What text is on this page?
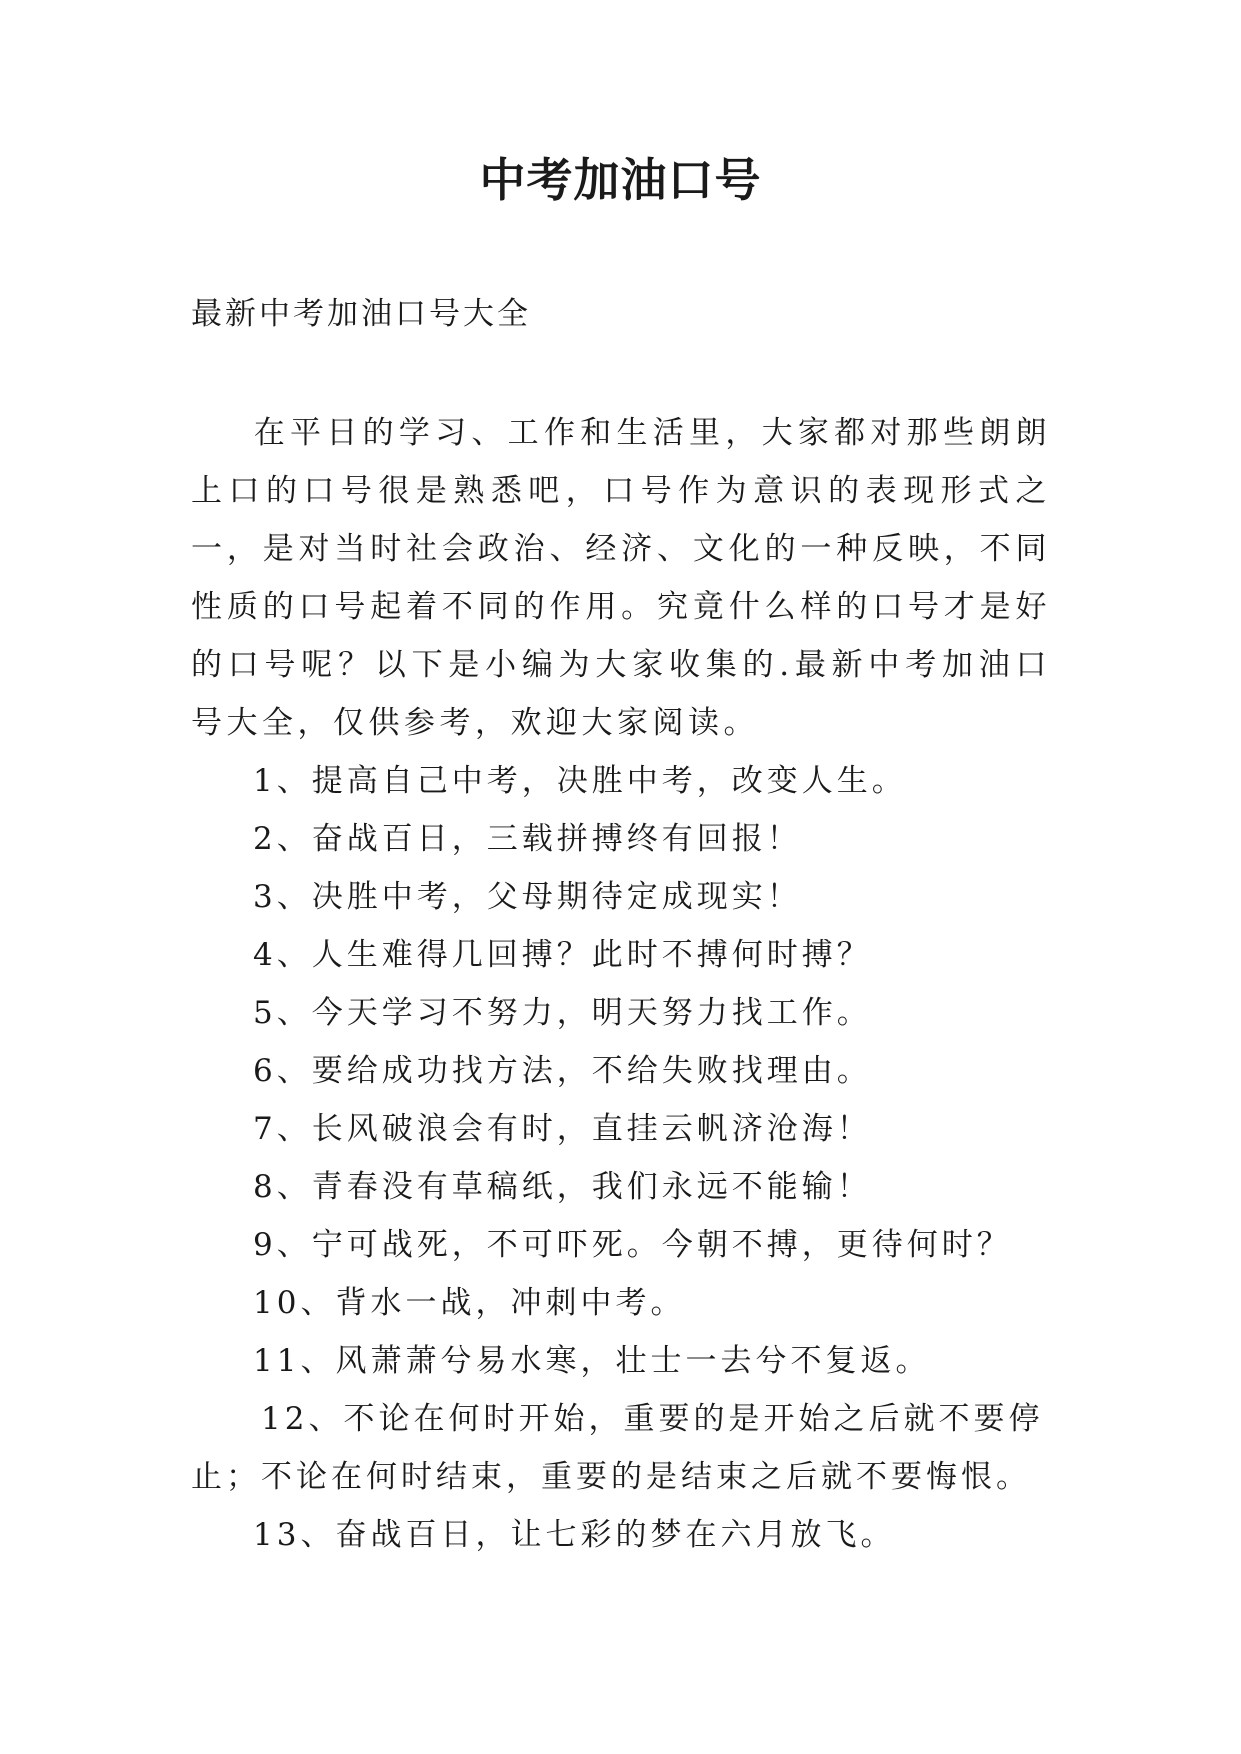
中考加油口号

最新中考加油口号大全

在平日的学习、工作和生活里，大家都对那些朗朗上口的口号很是熟悉吧，口号作为意识的表现形式之一，是对当时社会政治、经济、文化的一种反映，不同性质的口号起着不同的作用。究竟什么样的口号才是好的口号呢？以下是小编为大家收集的.最新中考加油口号大全，仅供参考，欢迎大家阅读。

1、提高自己中考，决胜中考，改变人生。
2、奋战百日，三载拼搏终有回报！
3、决胜中考，父母期待定成现实！
4、人生难得几回搏？此时不搏何时搏？
5、今天学习不努力，明天努力找工作。
6、要给成功找方法，不给失败找理由。
7、长风破浪会有时，直挂云帆济沧海！
8、青春没有草稿纸，我们永远不能输！
9、宁可战死，不可吓死。今朝不搏，更待何时？
10、背水一战，冲刺中考。
11、风萧萧兮易水寒，壮士一去兮不复返。
12、不论在何时开始，重要的是开始之后就不要停止；不论在何时结束，重要的是结束之后就不要悔恨。
13、奋战百日，让七彩的梦在六月放飞。
